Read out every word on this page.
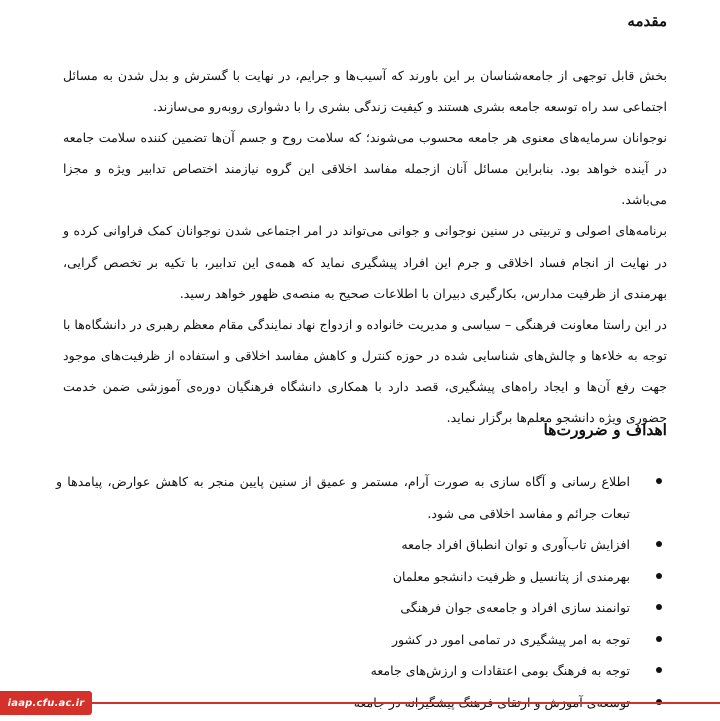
مقدمه

بخش قابل توجهی از جامعه‌شناسان بر این باورند که آسیب‌ها و جرایم، در نهایت با گسترش و بدل شدن به مسائل اجتماعی سد راه توسعه جامعه بشری هستند و کیفیت زندگی بشری را با دشواری روبه‌رو می‌سازند.

نوجوانان سرمایه‌های معنوی هر جامعه محسوب می‌شوند؛ که سلامت روح و جسم آن‌ها تضمین کننده سلامت جامعه در آینده خواهد بود. بنابراین مسائل آنان ازجمله مفاسد اخلاقی این گروه نیازمند اختصاص تدابیر ویژه و مجزا می‌باشد.

برنامه‌های اصولی و تربیتی در سنین نوجوانی و جوانی می‌تواند در امر اجتماعی شدن نوجوانان کمک فراوانی کرده و در نهایت از انجام فساد اخلاقی و جرم این افراد پیشگیری نماید که همه‌ی این تدابیر، با تکیه بر تخصص گرایی، بهرمندی از ظرفیت مدارس، بکارگیری دبیران با اطلاعات صحیح به منصه‌ی ظهور خواهد رسید.

در این راستا معاونت فرهنگی – سیاسی و مدیریت خانواده و ازدواج نهاد نمایندگی مقام معظم رهبری در دانشگاه‌ها با توجه به خلاءها و چالش‌های شناسایی شده در حوزه کنترل و کاهش مفاسد اخلاقی و استفاده از ظرفیت‌های موجود جهت رفع آن‌ها و ایجاد راه‌های پیشگیری، قصد دارد با همکاری دانشگاه فرهنگیان دوره‌ی آموزشی ضمن خدمت حضوری ویژه دانشجو معلم‌ها برگزار نماید.

اهداف و ضرورت‌ها
اطلاع رسانی و آگاه سازی به صورت آرام، مستمر و عمیق از سنین پایین منجر به کاهش عوارض، پیامدها و تبعات جرائم و مفاسد اخلاقی می شود.
افزایش تاب‌آوری و توان انطباق افراد جامعه
بهرمندی از پتانسیل و ظرفیت دانشجو معلمان
توانمند سازی افراد و جامعه‌ی جوان فرهنگی
توجه به امر پیشگیری در تمامی امور در کشور
توجه به فرهنگ بومی اعتقادات و ارزش‌های جامعه
iaap.cfu.ac.ir
